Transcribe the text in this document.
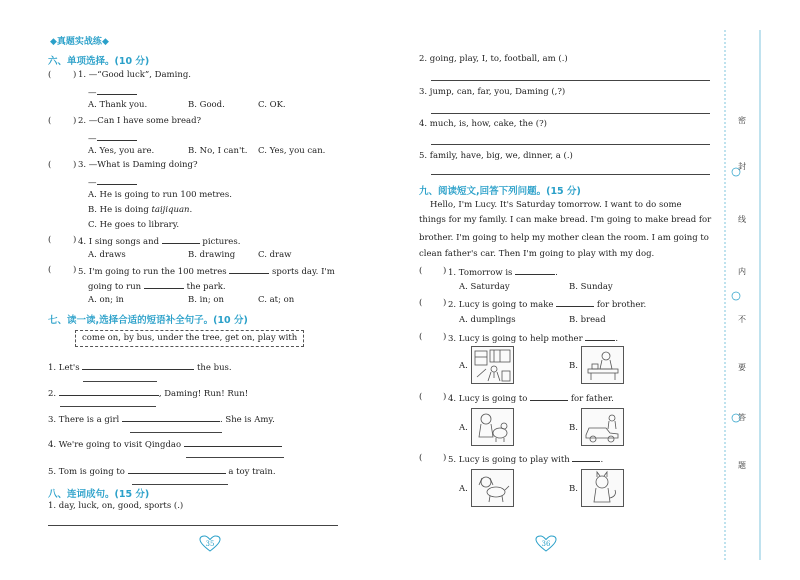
◆真题实战练◆
六、单项选择。(10 分)
(	) 1. —“Good luck”, Daming.
—
A. Thank you.	B. Good.	C. OK.
(	) 2. —Can I have some bread?
—
A. Yes, you are.	B. No, I can't. C. Yes, you can.
(	) 3. —What is Daming doing?
—
A. He is going to run 100 metres.
B. He is doing taijiquan.
C. He goes to library.
(	) 4. I sing songs and	pictures.
A. draws	B. drawing	C. draw
(	) 5. I'm going to run the 100 metres	sports day. I'm
going to run	the park.
A. on; in	B. in; on	C. at; on
七、读一读,选择合适的短语补全句子。(10 分)
come on, by bus, under the tree, get on, play with
1. Let's	the bus.
2.	, Daming! Run! Run!
3. There is a girl	. She is Amy.
4. We're going to visit Qingdao
5. Tom is going to	a toy train.
八、连词成句。(15 分)
1. day, luck, on, good, sports (.)
35
2. going, play, I, to, football, am (.)
3. jump, can, far, you, Daming (,?)
4. much, is, how, cake, the (?)
5. family, have, big, we, dinner, a (.)
九、阅读短文,回答下列问题。(15 分)
Hello, I'm Lucy. It's Saturday tomorrow. I want to do some
things for my family. I can make bread. I'm going to make bread for
brother. I'm going to help my mother clean the room. I am going to
clean father's car. Then I'm going to play with my dog.
( ) 1. Tomorrow is	.
A. Saturday	B. Sunday
( ) 2. Lucy is going to make	for brother.
A. dumplings	B. bread
( ) 3. Lucy is going to help mother	.
A.	B.
( ) 4. Lucy is going to	for father.
A.	B.
( ) 5. Lucy is going to play with	.
A.	B.
36
密
封
线
内
不
要
答
题
